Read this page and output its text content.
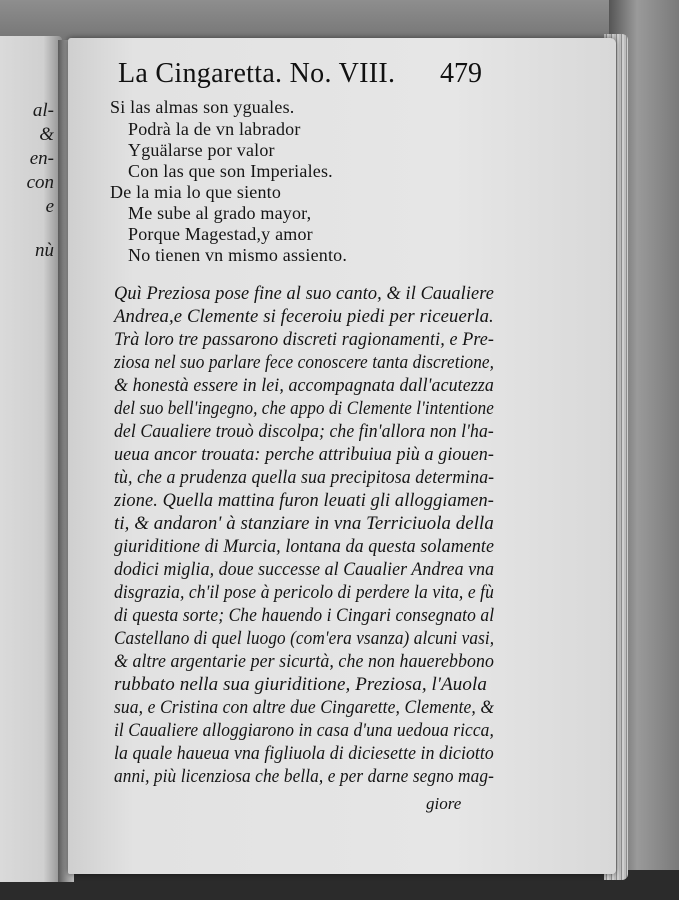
al-
&
en-
con
e
nù
La Cingaretta. No. VIII.	479
Si las almas son yguales.
Podrà la de vn labrador
Yguälarse por valor
Con las que son Imperiales.
De la mia lo que siento
Me sube al grado mayor,
Porque Magestad,y amor
No tienen vn mismo assiento.
Quì Preziosa pose fine al suo canto, & il Caualiere
Andrea,e Clemente si feceroiu piedi per riceuerla.
Trà loro tre passarono discreti ragionamenti, e Pre-
ziosa nel suo parlare fece conoscere tanta discretione,
& honestà essere in lei, accompagnata dall'acutezza
del suo bell'ingegno, che appo di Clemente l'intentione
del Caualiere trouò discolpa; che fin'allora non l'ha-
ueua ancor trouata: perche attribuiua più a giouen-
tù, che a prudenza quella sua precipitosa determina-
zione. Quella mattina furon leuati gli alloggiamen-
ti, & andaron' à stanziare in vna Terriciuola della
giuriditione di Murcia, lontana da questa solamente
dodici miglia, doue successe al Caualier Andrea vna
disgrazia, ch'il pose à pericolo di perdere la vita, e fù
di questa sorte; Che hauendo i Cingari consegnato al
Castellano di quel luogo (com'era vsanza) alcuni vasi,
& altre argentarie per sicurtà, che non hauerebbono
rubbato nella sua giuriditione, Preziosa, l'Auola
sua, e Cristina con altre due Cingarette, Clemente, &
il Caualiere alloggiarono in casa d'una uedoua ricca,
la quale haueua vna figliuola di diciesette in diciotto
anni, più licenziosa che bella, e per darne segno mag-
giore
